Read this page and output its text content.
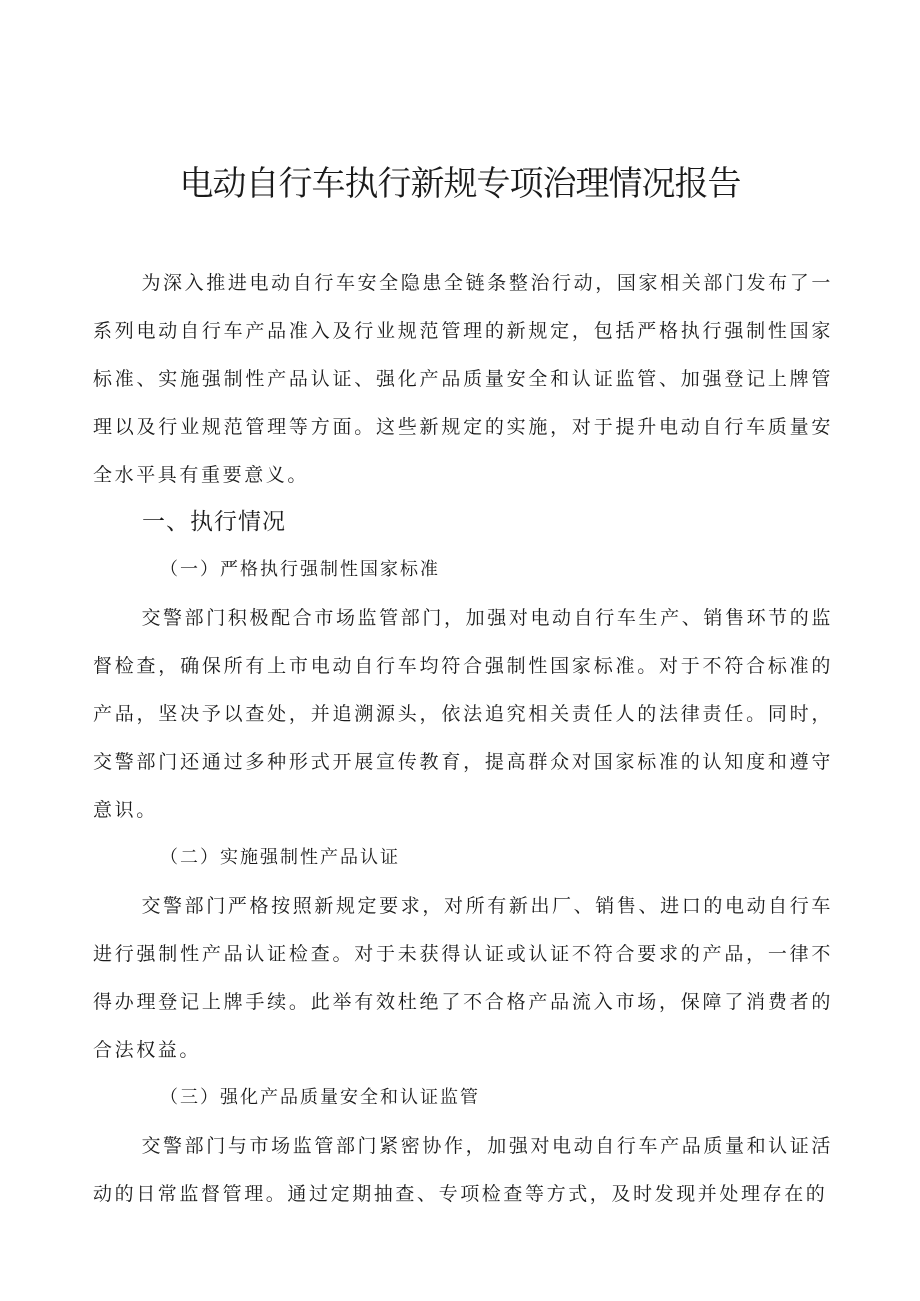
电动自行车执行新规专项治理情况报告

为深入推进电动自行车安全隐患全链条整治行动，国家相关部门发布了一系列电动自行车产品准入及行业规范管理的新规定，包括严格执行强制性国家标准、实施强制性产品认证、强化产品质量安全和认证监管、加强登记上牌管理以及行业规范管理等方面。这些新规定的实施，对于提升电动自行车质量安全水平具有重要意义。

一、执行情况
（一）严格执行强制性国家标准

交警部门积极配合市场监管部门，加强对电动自行车生产、销售环节的监督检查，确保所有上市电动自行车均符合强制性国家标准。对于不符合标准的产品，坚决予以查处，并追溯源头，依法追究相关责任人的法律责任。同时，交警部门还通过多种形式开展宣传教育，提高群众对国家标准的认知度和遵守意识。

（二）实施强制性产品认证

交警部门严格按照新规定要求，对所有新出厂、销售、进口的电动自行车进行强制性产品认证检查。对于未获得认证或认证不符合要求的产品，一律不得办理登记上牌手续。此举有效杜绝了不合格产品流入市场，保障了消费者的合法权益。

（三）强化产品质量安全和认证监管

交警部门与市场监管部门紧密协作，加强对电动自行车产品质量和认证活动的日常监督管理。通过定期抽查、专项检查等方式，及时发现并处理存在的
